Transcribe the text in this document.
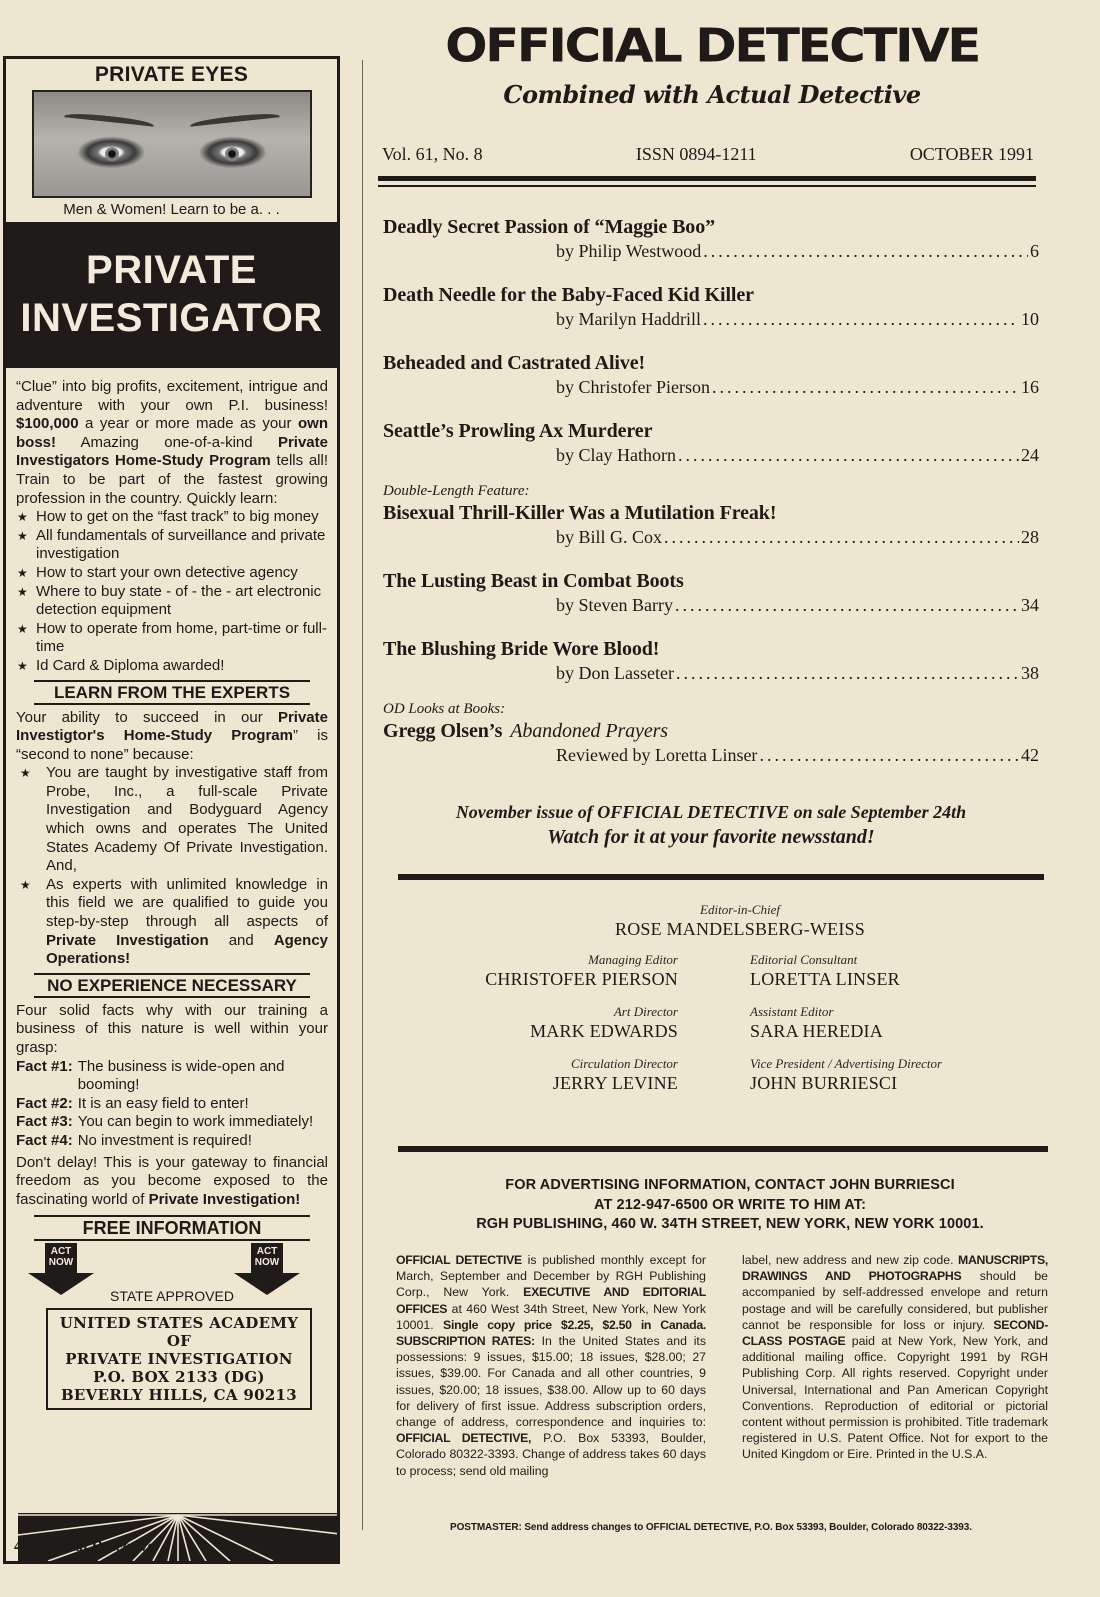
PRIVATE EYES
Men & Women! Learn to be a. . .
PRIVATE
INVESTIGATOR

“Clue” into big profits, excitement, intrigue and adventure with your own P.I. business! $100,000 a year or more made as your own boss! Amazing one-of-a-kind Private Investigators Home-Study Program tells all! Train to be part of the fastest growing profession in the country. Quickly learn:

★ How to get on the “fast track” to big money
★ All fundamentals of surveillance and private investigation
★ How to start your own detective agency
★ Where to buy state - of - the - art electronic detection equipment
★ How to operate from home, part-time or full-time
★ Id Card & Diploma awarded!
LEARN FROM THE EXPERTS

Your ability to succeed in our Private Investigtor's Home-Study Program” is “second to none” because:

★ You are taught by investigative staff from Probe, Inc., a full-scale Private Investigation and Bodyguard Agency which owns and operates The United States Academy Of Private Investigation. And,
★ As experts with unlimited knowledge in this field we are qualified to guide you step-by-step through all aspects of Private Investigation and Agency Operations!
NO EXPERIENCE NECESSARY

Four solid facts why with our training a business of this nature is well within your grasp:

Fact #1: The business is wide-open and booming!
Fact #2: It is an easy field to enter!
Fact #3: You can begin to work immediately!
Fact #4: No investment is required!

Don't delay! This is your gateway to financial freedom as you become exposed to the fascinating world of Private Investigation!

FREE INFORMATION
ACT NOW
ACT NOW
STATE APPROVED
UNITED STATES ACADEMY
OF
PRIVATE INVESTIGATION
P.O. BOX 2133 (DG)
BEVERLY HILLS, CA 90213
4 Official Detective
OFFICIAL DETECTIVE
Combined with Actual Detective
Vol. 61, No. 8	ISSN 0894-1211	OCTOBER 1991
Deadly Secret Passion of “Maggie Boo”
by Philip Westwood .....	6
Death Needle for the Baby-Faced Kid Killer
by Marilyn Haddrill .....	10
Beheaded and Castrated Alive!
by Christofer Pierson .....	16
Seattle’s Prowling Ax Murderer
by Clay Hathorn .....	24
Double-Length Feature:
Bisexual Thrill-Killer Was a Mutilation Freak!
by Bill G. Cox .....	28
The Lusting Beast in Combat Boots
by Steven Barry .....	34
The Blushing Bride Wore Blood!
by Don Lasseter .....	38
OD Looks at Books:
Gregg Olsen’s Abandoned Prayers
Reviewed by Loretta Linser .....	42
November issue of OFFICIAL DETECTIVE on sale September 24th
Watch for it at your favorite newsstand!
Editor-in-Chief
ROSE MANDELSBERG-WEISS
Managing Editor
CHRISTOFER PIERSON
Editorial Consultant
LORETTA LINSER
Art Director
MARK EDWARDS
Assistant Editor
SARA HEREDIA
Circulation Director
JERRY LEVINE
Vice President / Advertising Director
JOHN BURRIESCI
FOR ADVERTISING INFORMATION, CONTACT JOHN BURRIESCI
AT 212-947-6500 OR WRITE TO HIM AT:
RGH PUBLISHING, 460 W. 34TH STREET, NEW YORK, NEW YORK 10001.
OFFICIAL DETECTIVE is published monthly except for March, September and December by RGH Publishing Corp., New York. EXECUTIVE AND EDITORIAL OFFICES at 460 West 34th Street, New York, New York 10001. Single copy price $2.25, $2.50 in Canada. SUBSCRIPTION RATES: In the United States and its possessions: 9 issues, $15.00; 18 issues, $28.00; 27 issues, $39.00. For Canada and all other countries, 9 issues, $20.00; 18 issues, $38.00. Allow up to 60 days for delivery of first issue. Address subscription orders, change of address, correspondence and inquiries to: OFFICIAL DETECTIVE, P.O. Box 53393, Boulder, Colorado 80322-3393. Change of address takes 60 days to process; send old mailing
label, new address and new zip code. MANUSCRIPTS, DRAWINGS AND PHOTOGRAPHS should be accompanied by self-addressed envelope and return postage and will be carefully considered, but publisher cannot be responsible for loss or injury. SECOND-CLASS POSTAGE paid at New York, New York, and additional mailing office. Copyright 1991 by RGH Publishing Corp. All rights reserved. Copyright under Universal, International and Pan American Copyright Conventions. Reproduction of editorial or pictorial content without permission is prohibited. Title trademark registered in U.S. Patent Office. Not for export to the United Kingdom or Eire. Printed in the U.S.A.
POSTMASTER: Send address changes to OFFICIAL DETECTIVE, P.O. Box 53393, Boulder, Colorado 80322-3393.
